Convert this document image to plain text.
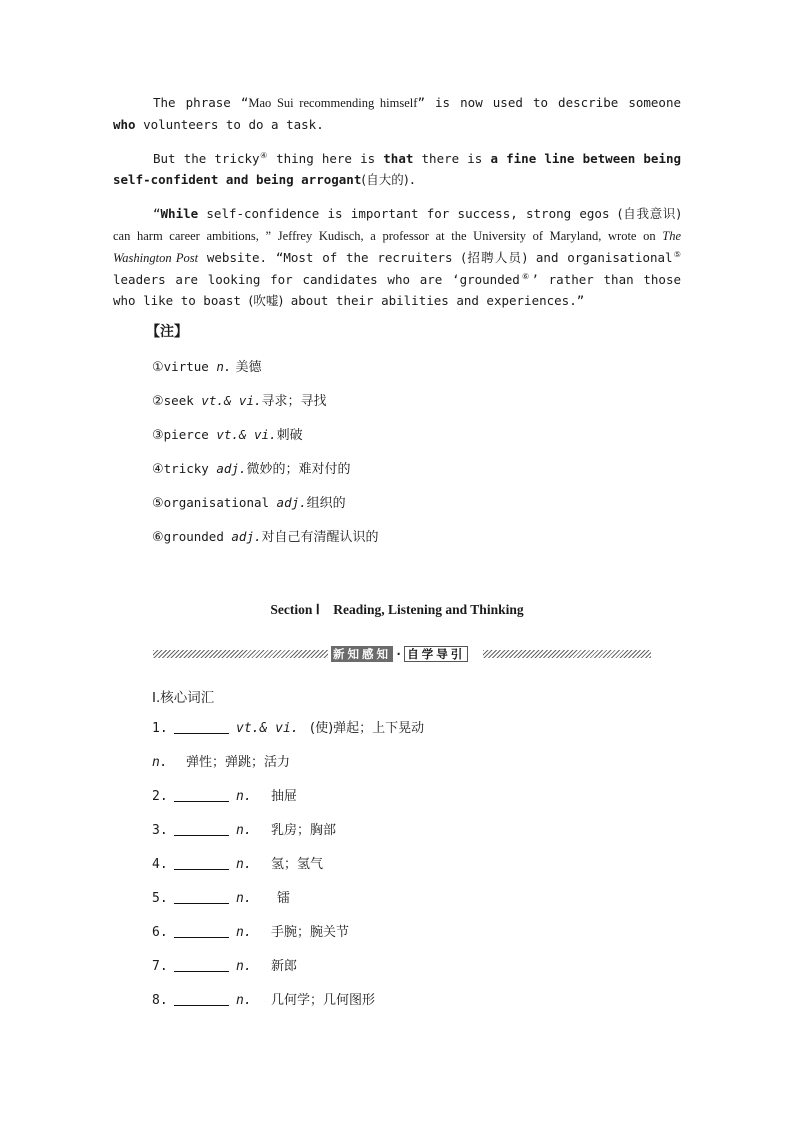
The phrase “Mao Sui recommending himself” is now used to describe someone who volunteers to do a task.

But the tricky④ thing here is that there is a fine line between being self-confident and being arrogant(自大的).

“While self-confidence is important for success, strong egos (自我意识) can harm career ambitions, ” Jeffrey Kudisch, a professor at the University of Maryland, wrote on The Washington Post website. “Most of the recruiters (招聘人员) and organisational⑤ leaders are looking for candidates who are ‘grounded⑥’ rather than those who like to boast (吹嘘) about their abilities and experiences.”

【注】
①virtue n. 美德
②seek vt.& vi.寻求；寻找
③pierce vt.& vi.刺破
④tricky adj.微妙的；难对付的
⑤organisational adj.组织的
⑥grounded adj.对自己有清醒认识的
Section Ⅰ　Reading, Listening and Thinking
新知感知 · 自学导引
Ⅰ.核心词汇
1.	vt.& vi. (使)弹起；上下晃动
n.	弹性；弹跳；活力
2.	n.	抽屉
3.	n.	乳房；胸部
4.	n.	氢；氢气
5.	n.	镭
6.	n.	手腕；腕关节
7.	n.	新郎
8.	n.	几何学；几何图形
